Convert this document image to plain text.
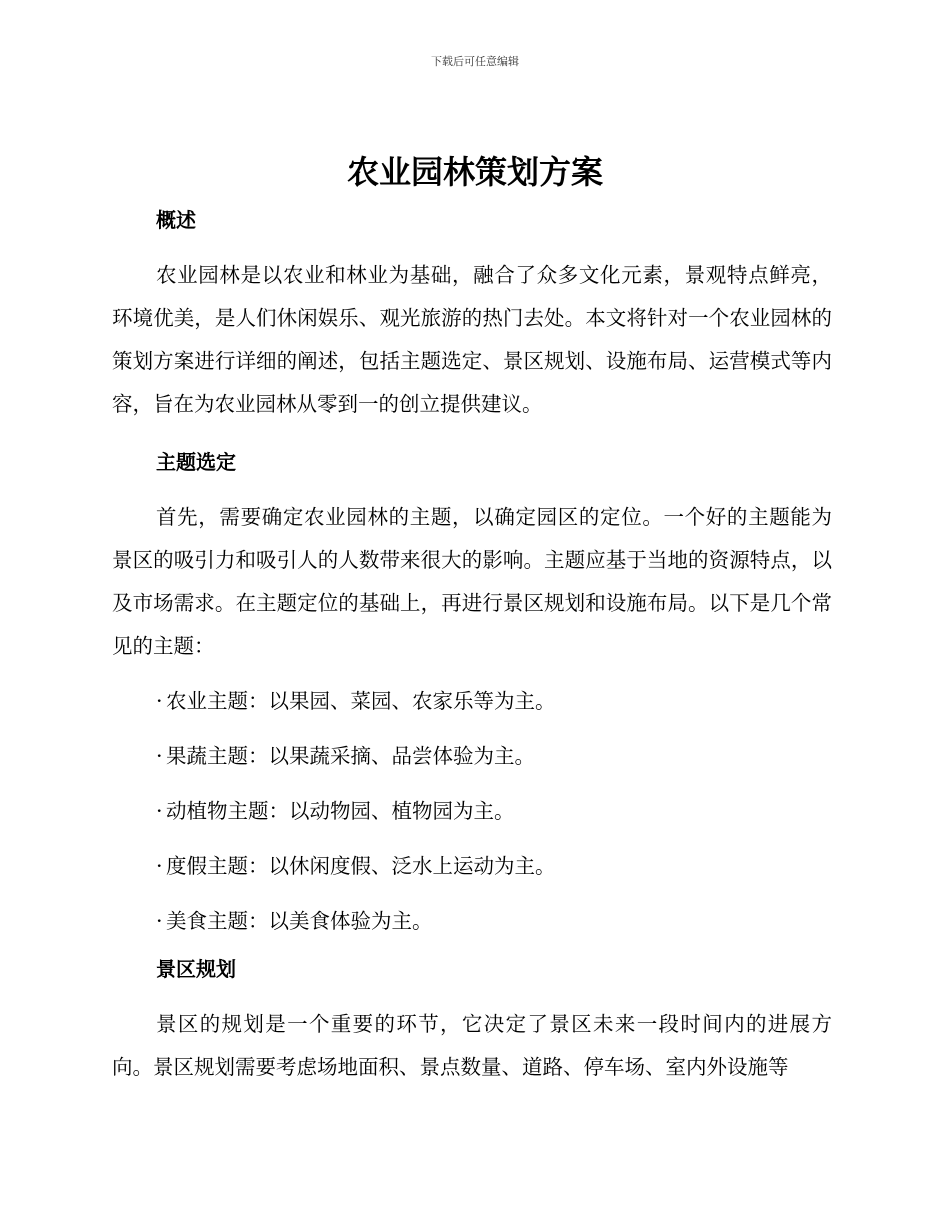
下载后可任意编辑
农业园林策划方案
概述

农业园林是以农业和林业为基础，融合了众多文化元素，景观特点鲜亮，环境优美，是人们休闲娱乐、观光旅游的热门去处。本文将针对一个农业园林的策划方案进行详细的阐述，包括主题选定、景区规划、设施布局、运营模式等内容，旨在为农业园林从零到一的创立提供建议。

主题选定

首先，需要确定农业园林的主题，以确定园区的定位。一个好的主题能为景区的吸引力和吸引人的人数带来很大的影响。主题应基于当地的资源特点，以及市场需求。在主题定位的基础上，再进行景区规划和设施布局。以下是几个常见的主题：

· 农业主题：以果园、菜园、农家乐等为主。
· 果蔬主题：以果蔬采摘、品尝体验为主。
· 动植物主题：以动物园、植物园为主。
· 度假主题：以休闲度假、泛水上运动为主。
· 美食主题：以美食体验为主。
景区规划

景区的规划是一个重要的环节，它决定了景区未来一段时间内的进展方向。景区规划需要考虑场地面积、景点数量、道路、停车场、室内外设施等
